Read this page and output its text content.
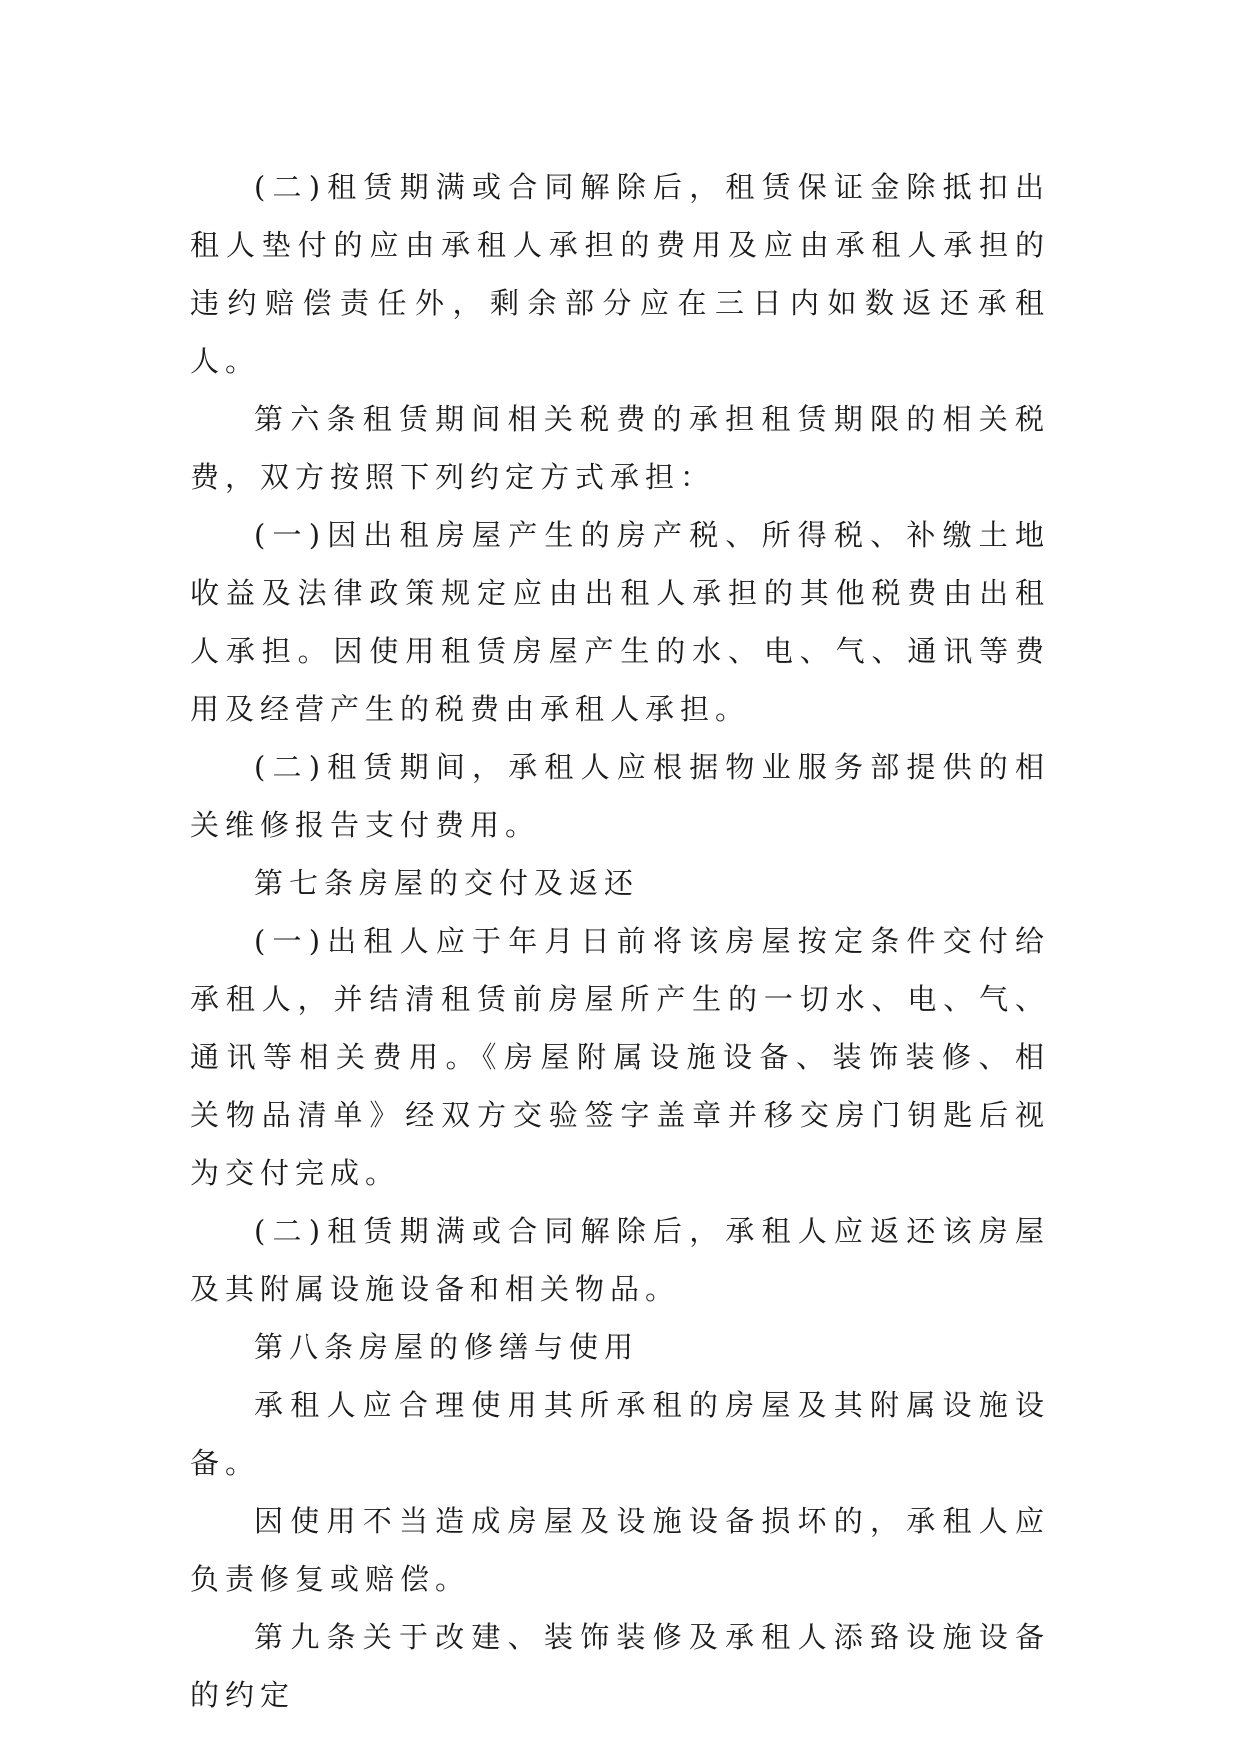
(二)租赁期满或合同解除后，租赁保证金除抵扣出租人垫付的应由承租人承担的费用及应由承租人承担的违约赔偿责任外，剩余部分应在三日内如数返还承租人。

第六条租赁期间相关税费的承担租赁期限的相关税费，双方按照下列约定方式承担：

(一)因出租房屋产生的房产税、所得税、补缴土地收益及法律政策规定应由出租人承担的其他税费由出租人承担。因使用租赁房屋产生的水、电、气、通讯等费用及经营产生的税费由承租人承担。

(二)租赁期间，承租人应根据物业服务部提供的相关维修报告支付费用。

第七条房屋的交付及返还

(一)出租人应于年月日前将该房屋按定条件交付给承租人，并结清租赁前房屋所产生的一切水、电、气、通讯等相关费用。《房屋附属设施设备、装饰装修、相关物品清单》经双方交验签字盖章并移交房门钥匙后视为交付完成。

(二)租赁期满或合同解除后，承租人应返还该房屋及其附属设施设备和相关物品。

第八条房屋的修缮与使用

承租人应合理使用其所承租的房屋及其附属设施设备。

因使用不当造成房屋及设施设备损坏的，承租人应负责修复或赔偿。

第九条关于改建、装饰装修及承租人添臵设施设备的约定
